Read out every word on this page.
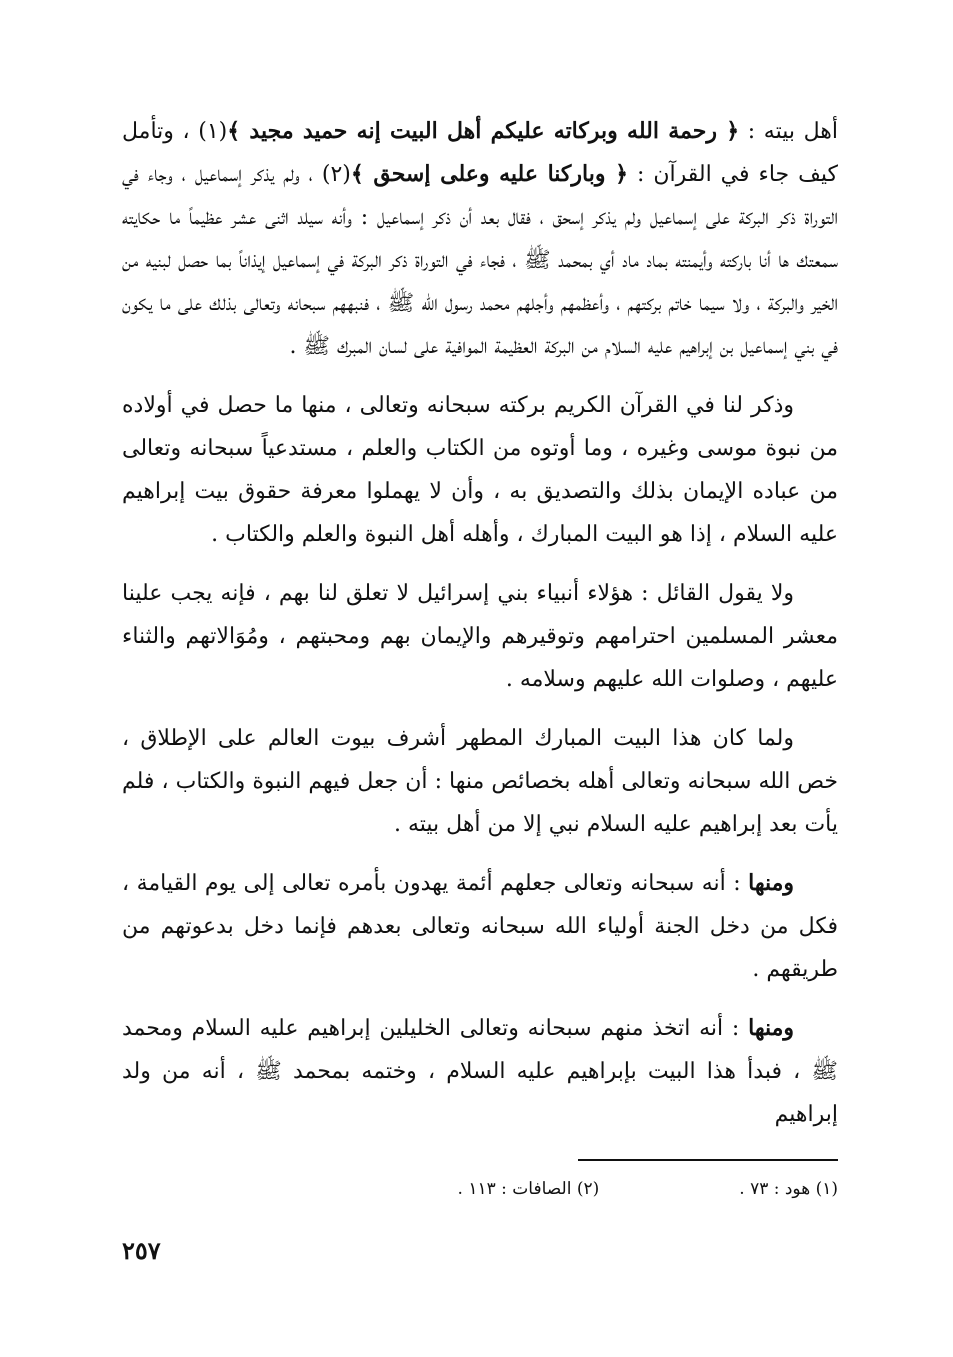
أهل بيته : ﴿ رحمة الله وبركاته عليكم أهل البيت إنه حميد مجيد ﴾(١) ، وتأمل كيف جاء في القرآن : ﴿ وباركنا عليه وعلى إسحق ﴾(٢) ، ولم يذكر إسماعيل ، وجاء في التوراة ذكر البركة على إسماعيل ولم يذكر إسحق ، فقال بعد أن ذكر إسماعيل : وأنه سيلد اثنى عشر عظيماً ما حكايته سمعتك ها أنا باركته وأيمنته بماد ماد أي بمحمد ﷺ ، فجاء في التوراة ذكر البركة في إسماعيل إيذاناً بما حصل لبنيه من الخير والبركة ، ولا سيما خاتم بركتهم ، وأعظمهم وأجلهم محمد رسول الله ﷺ ، فنبههم سبحانه وتعالى بذلك على ما يكون في بني إسماعيل بن إبراهيم عليه السلام من البركة العظيمة الموافية على لسان المبرك ﷺ .

وذكر لنا في القرآن الكريم بركته سبحانه وتعالى ، منها ما حصل في أولاده من نبوة موسى وغيره ، وما أوتوه من الكتاب والعلم ، مستدعياً سبحانه وتعالى من عباده الإيمان بذلك والتصديق به ، وأن لا يهملوا معرفة حقوق بيت إبراهيم عليه السلام ، إذا هو البيت المبارك ، وأهله أهل النبوة والعلم والكتاب .

ولا يقول القائل : هؤلاء أنبياء بني إسرائيل لا تعلق لنا بهم ، فإنه يجب علينا معشر المسلمين احترامهم وتوقيرهم والإيمان بهم ومحبتهم ، ومُوَالاتهم والثناء عليهم ، وصلوات الله عليهم وسلامه .

ولما كان هذا البيت المبارك المطهر أشرف بيوت العالم على الإطلاق ، خص الله سبحانه وتعالى أهله بخصائص منها : أن جعل فيهم النبوة والكتاب ، فلم يأت بعد إبراهيم عليه السلام نبي إلا من أهل بيته .

ومنها : أنه سبحانه وتعالى جعلهم أئمة يهدون بأمره تعالى إلى يوم القيامة ، فكل من دخل الجنة أولياء الله سبحانه وتعالى بعدهم فإنما دخل بدعوتهم من طريقهم .

ومنها : أنه اتخذ منهم سبحانه وتعالى الخليلين إبراهيم عليه السلام ومحمد ﷺ ، فبدأ هذا البيت بإبراهيم عليه السلام ، وختمه بمحمد ﷺ ، أنه من ولد إبراهيم

(١) هود : ٧٣ .(٢) الصافات : ١١٣ .
٢٥٧
